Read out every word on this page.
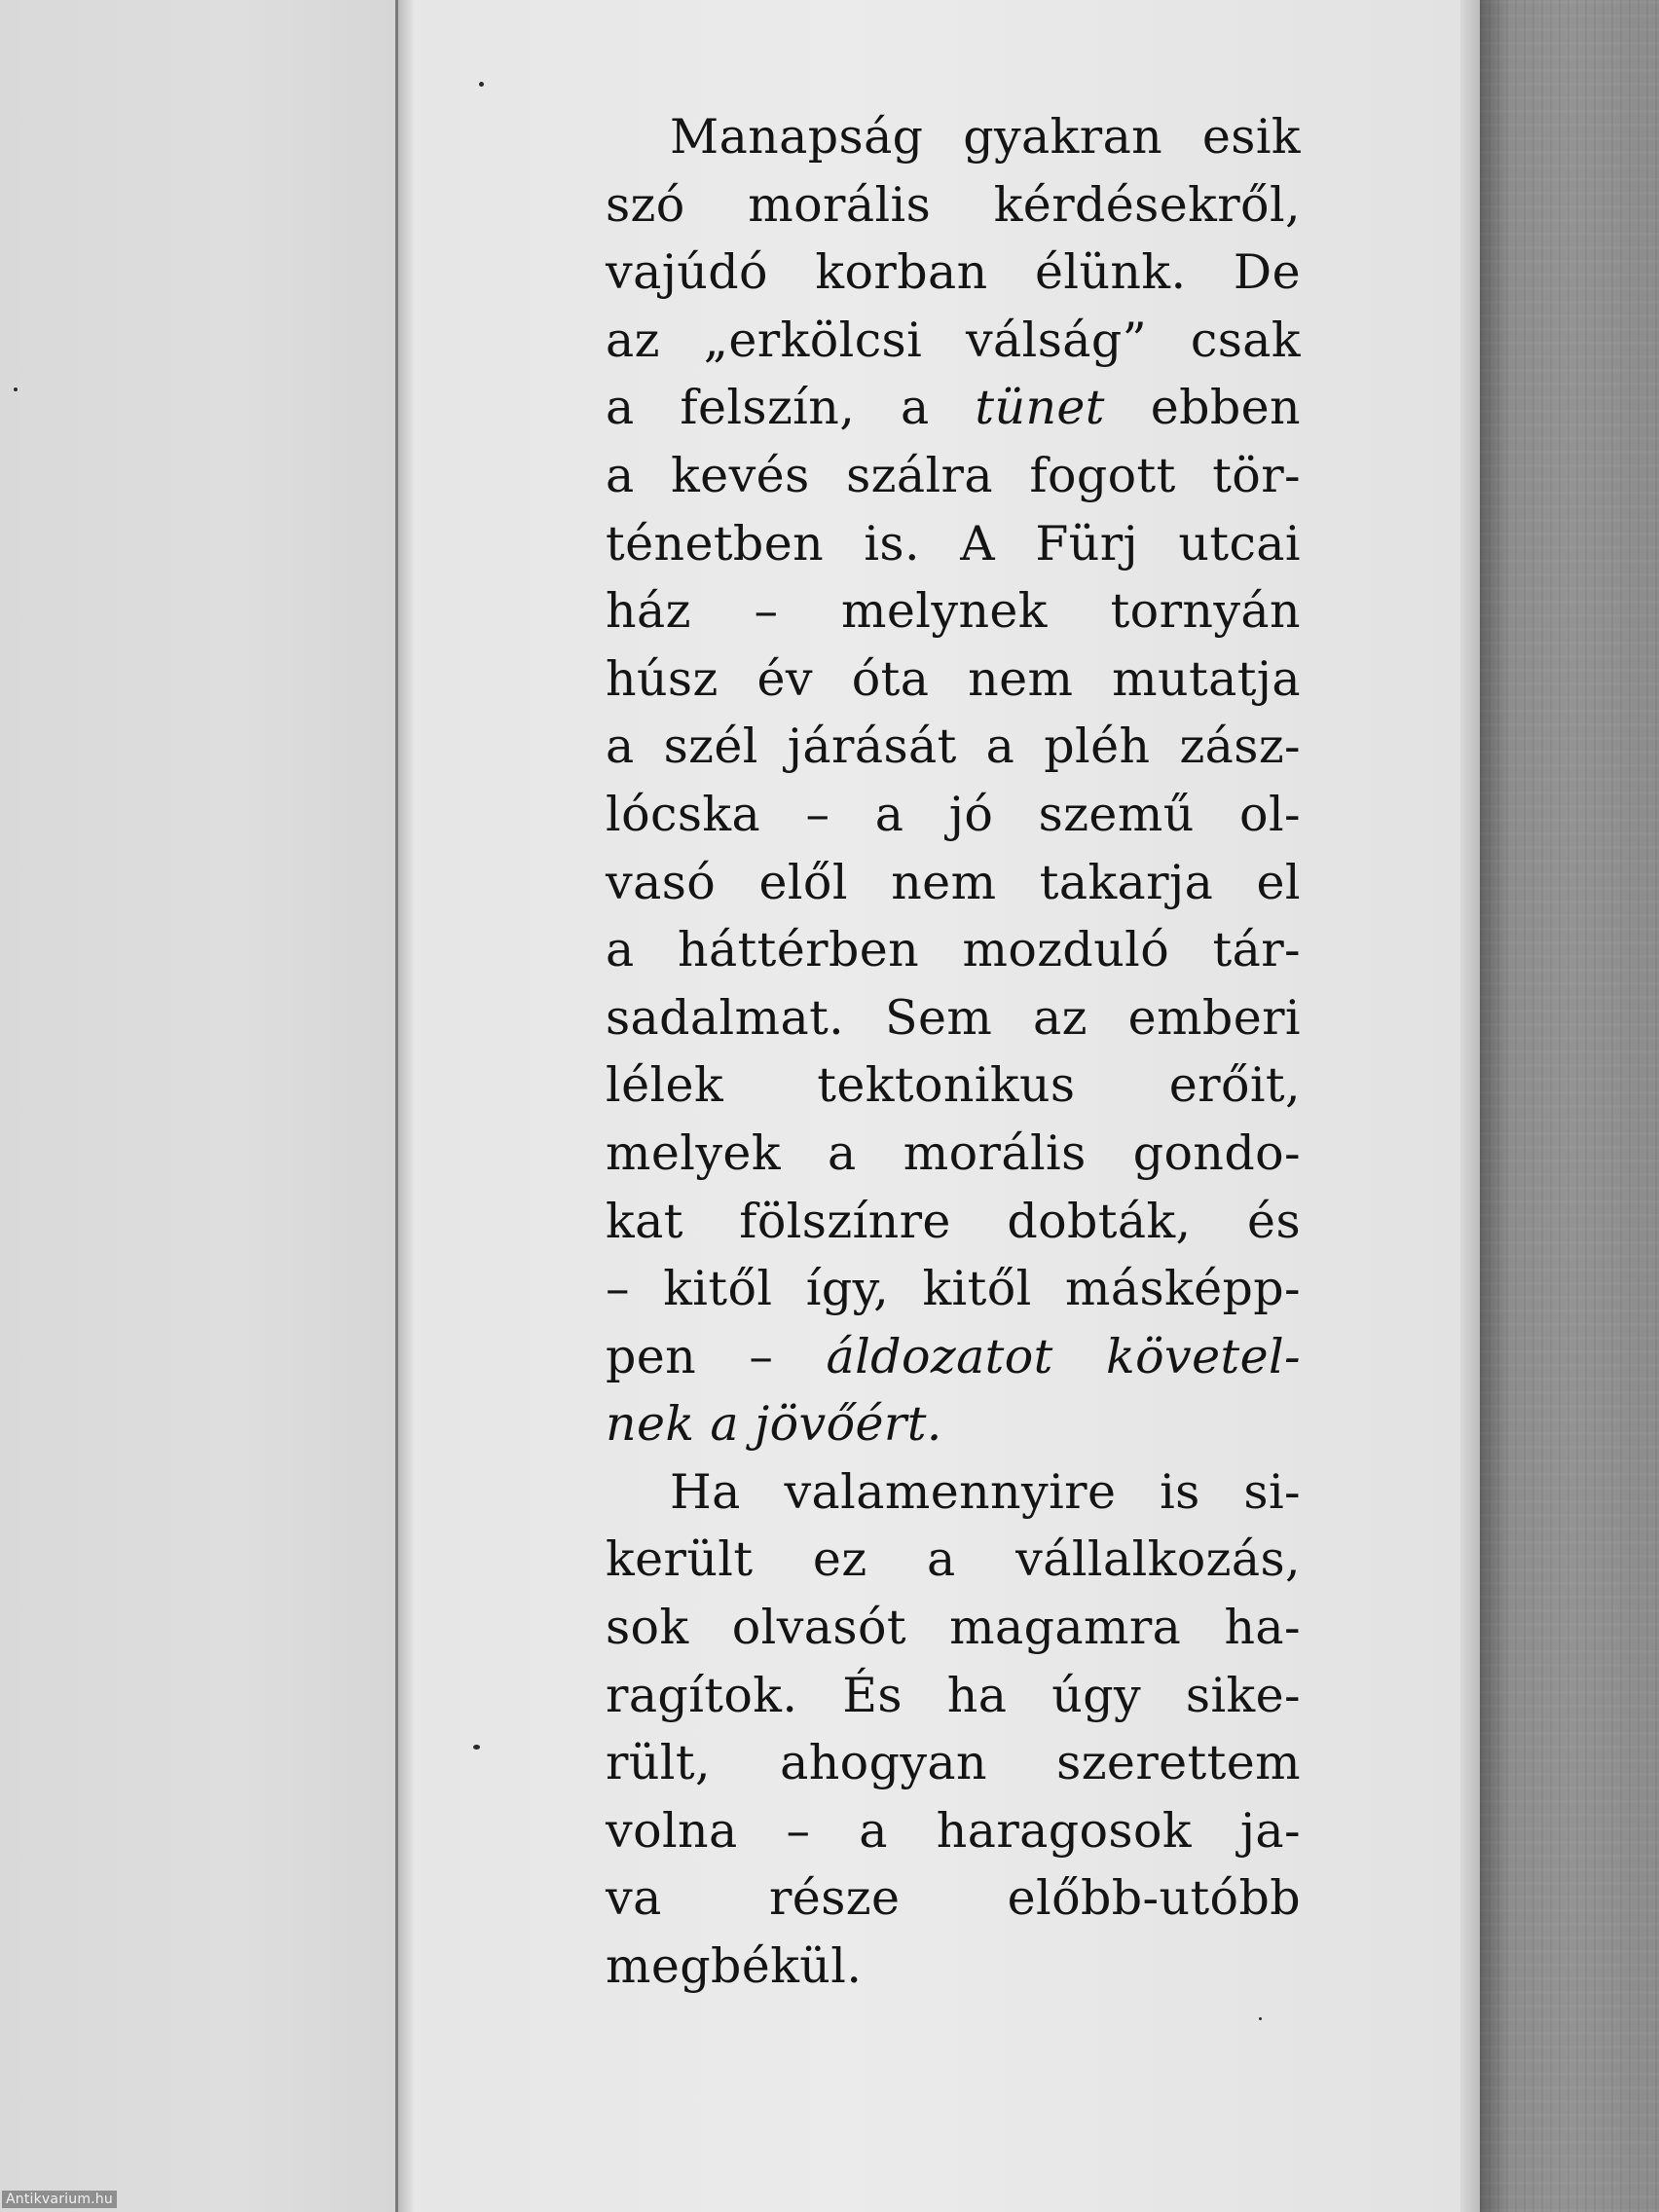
Manapság gyakran esik
szó morális kérdésekről,
vajúdó korban élünk. De
az „erkölcsi válság” csak
a felszín, a tünet ebben
a kevés szálra fogott tör-
ténetben is. A Fürj utcai
ház – melynek tornyán
húsz év óta nem mutatja
a szél járását a pléh zász-
lócska – a jó szemű ol-
vasó elől nem takarja el
a háttérben mozduló tár-
sadalmat. Sem az emberi
lélek tektonikus erőit,
melyek a morális gondo-
kat fölszínre dobták, és
– kitől így, kitől másképp-
pen – áldozatot követel-
nek a jövőért.
Ha valamennyire is si-
került ez a vállalkozás,
sok olvasót magamra ha-
ragítok. És ha úgy sike-
rült, ahogyan szerettem
volna – a haragosok ja-
va része előbb-utóbb
megbékül.
Antikvarium.hu
